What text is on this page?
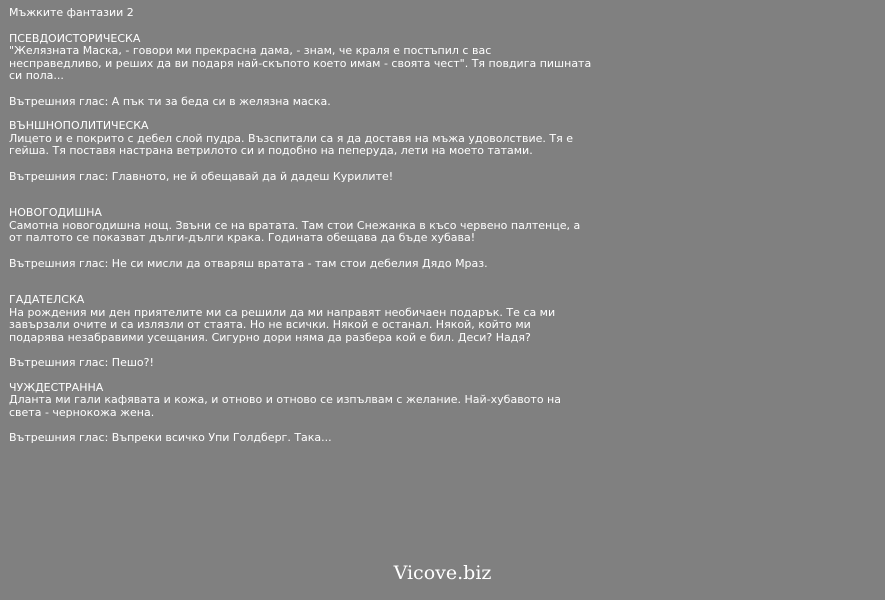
Мъжките фантазии 2
ПСЕВДОИСТОРИЧЕСКА
"Желязната Маска, - говори ми прекрасна дама, - знам, че краля е постъпил с вас
несправедливо, и реших да ви подаря най-скъпото което имам - своята чест". Тя повдига пишната
си пола...
Вътрешния глас: А пък ти за беда си в желязна маска.
ВЪНШНОПОЛИТИЧЕСКА
Лицето и е покрито с дебел слой пудра. Възспитали са я да доставя на мъжа удоволствие. Тя е
гейша. Тя поставя настрана ветрилото си и подобно на пеперуда, лети на моето татами.
Вътрешния глас: Главното, не й обещавай да й дадеш Курилите!
НОВОГОДИШНА
Самотна новогодишна нощ. Звъни се на вратата. Там стои Снежанка в късо червено палтенце, а
от палтото се показват дълги-дълги крака. Годината обещава да бъде хубава!
Вътрешния глас: Не си мисли да отваряш вратата - там стои дебелия Дядо Мраз.
ГАДАТЕЛСКА
На рождения ми ден приятелите ми са решили да ми направят необичаен подарък. Те са ми
завързали очите и са излязли от стаята. Но не всички. Някой е останал. Някой, който ми
подарява незабравими усещания. Сигурно дори няма да разбера кой е бил. Деси? Надя?
Вътрешния глас: Пешо?!
ЧУЖДЕСТРАННА
Дланта ми гали кафявата и кожа, и отново и отново се изпълвам с желание. Най-хубавото на
света - чернокожа жена.
Вътрешния глас: Въпреки всичко Упи Голдберг. Така...
Vicove.biz
